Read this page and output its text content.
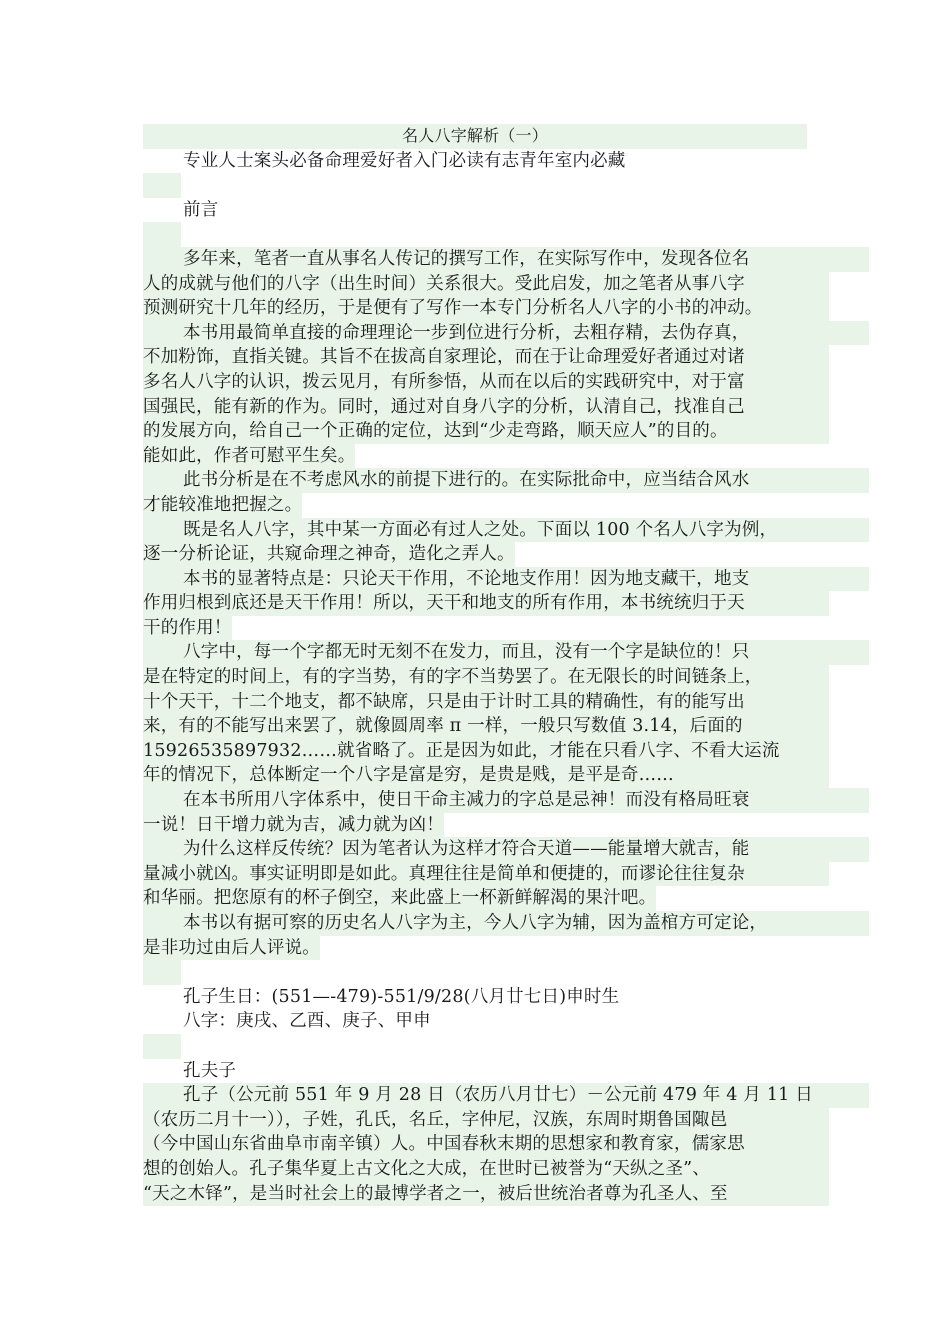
名人八字解析（一）
专业人士案头必备命理爱好者入门必读有志青年室内必藏
前言
多年来，笔者一直从事名人传记的撰写工作，在实际写作中，发现各位名
人的成就与他们的八字（出生时间）关系很大。受此启发，加之笔者从事八字
预测研究十几年的经历，于是便有了写作一本专门分析名人八字的小书的冲动。
本书用最简单直接的命理理论一步到位进行分析，去粗存精，去伪存真，
不加粉饰，直指关键。其旨不在拔高自家理论，而在于让命理爱好者通过对诸
多名人八字的认识，拨云见月，有所参悟，从而在以后的实践研究中，对于富
国强民，能有新的作为。同时，通过对自身八字的分析，认清自己，找准自己
的发展方向，给自己一个正确的定位，达到“少走弯路，顺天应人”的目的。
能如此，作者可慰平生矣。
此书分析是在不考虑风水的前提下进行的。在实际批命中，应当结合风水
才能较准地把握之。
既是名人八字，其中某一方面必有过人之处。下面以 100 个名人八字为例，
逐一分析论证，共窥命理之神奇，造化之弄人。
本书的显著特点是：只论天干作用，不论地支作用！因为地支藏干，地支
作用归根到底还是天干作用！所以，天干和地支的所有作用，本书统统归于天
干的作用！
八字中，每一个字都无时无刻不在发力，而且，没有一个字是缺位的！只
是在特定的时间上，有的字当势，有的字不当势罢了。在无限长的时间链条上，
十个天干，十二个地支，都不缺席，只是由于计时工具的精确性，有的能写出
来，有的不能写出来罢了，就像圆周率 π 一样，一般只写数值 3.14，后面的
15926535897932……就省略了。正是因为如此，才能在只看八字、不看大运流
年的情况下，总体断定一个八字是富是穷，是贵是贱，是平是奇……
在本书所用八字体系中，使日干命主减力的字总是忌神！而没有格局旺衰
一说！日干增力就为吉，减力就为凶！
为什么这样反传统？因为笔者认为这样才符合天道——能量增大就吉，能
量减小就凶。事实证明即是如此。真理往往是简单和便捷的，而谬论往往复杂
和华丽。把您原有的杯子倒空，来此盛上一杯新鲜解渴的果汁吧。
本书以有据可察的历史名人八字为主，今人八字为辅，因为盖棺方可定论，
是非功过由后人评说。
孔子生日：(551—-479)-551/9/28(八月廿七日)申时生
八字：庚戌、乙酉、庚子、甲申
孔夫子
孔子（公元前 551 年 9 月 28 日（农历八月廿七）－公元前 479 年 4 月 11 日
（农历二月十一）），子姓，孔氏，名丘，字仲尼，汉族，东周时期鲁国陬邑
（今中国山东省曲阜市南辛镇）人。中国春秋末期的思想家和教育家，儒家思
想的创始人。孔子集华夏上古文化之大成，在世时已被誉为“天纵之圣”、
“天之木铎”，是当时社会上的最博学者之一，被后世统治者尊为孔圣人、至
